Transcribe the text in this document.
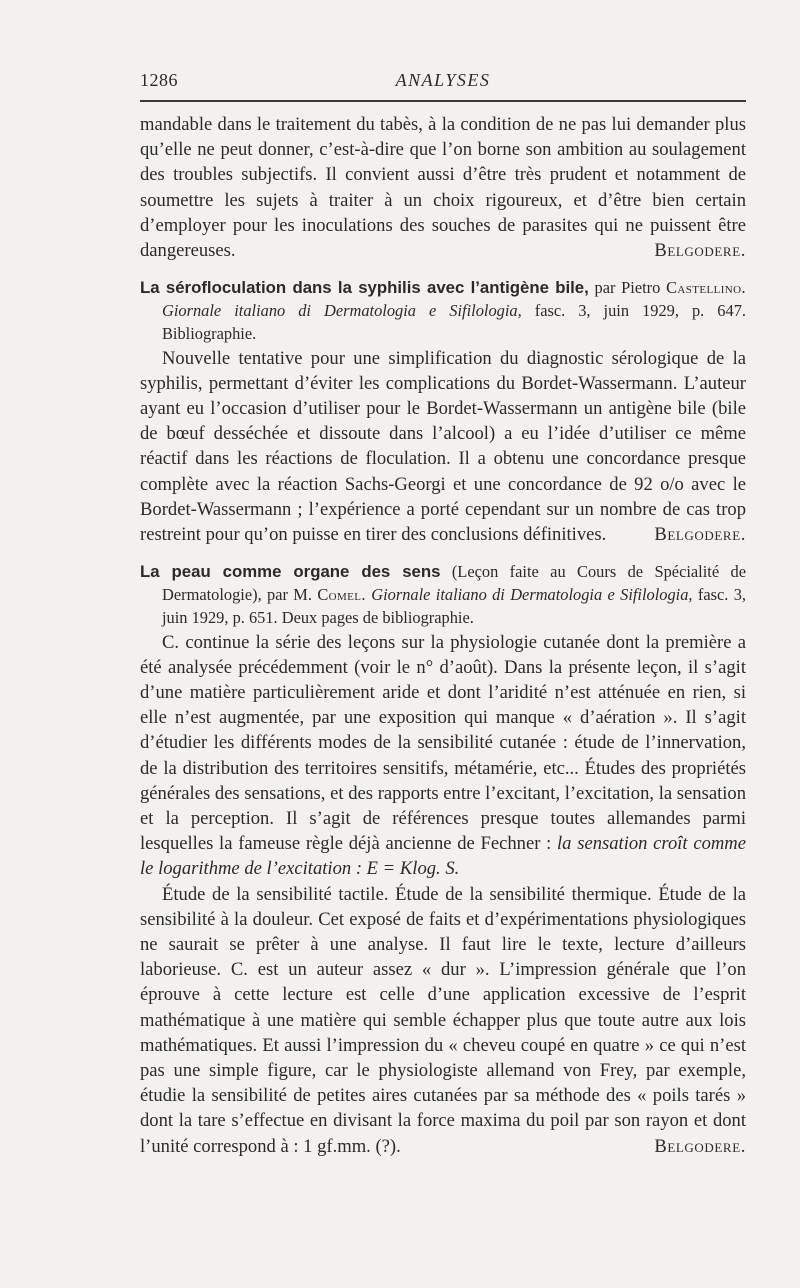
1286	ANALYSES

mandable dans le traitement du tabès, à la condition de ne pas lui demander plus qu’elle ne peut donner, c’est-à-dire que l’on borne son ambition au soulagement des troubles subjectifs. Il convient aussi d’être très prudent et notamment de soumettre les sujets à traiter à un choix rigoureux, et d’être bien certain d’employer pour les inoculations des souches de parasites qui ne puissent être dangereuses.	Belgodere.

La sérofloculation dans la syphilis avec l’antigène bile, par Pietro Castellino. Giornale italiano di Dermatologia e Sifilologia, fasc. 3, juin 1929, p. 647. Bibliographie.

Nouvelle tentative pour une simplification du diagnostic sérologique de la syphilis, permettant d’éviter les complications du Bordet-Wassermann. L’auteur ayant eu l’occasion d’utiliser pour le Bordet-Wassermann un antigène bile (bile de bœuf desséchée et dissoute dans l’alcool) a eu l’idée d’utiliser ce même réactif dans les réactions de floculation. Il a obtenu une concordance presque complète avec la réaction Sachs-Georgi et une concordance de 92 o/o avec le Bordet-Wassermann ; l’expérience a porté cependant sur un nombre de cas trop restreint pour qu’on puisse en tirer des conclusions définitives.	Belgodere.

La peau comme organe des sens (Leçon faite au Cours de Spécialité de Dermatologie), par M. Comel. Giornale italiano di Dermatologia e Sifilologia, fasc. 3, juin 1929, p. 651. Deux pages de bibliographie.

C. continue la série des leçons sur la physiologie cutanée dont la première a été analysée précédemment (voir le n° d’août). Dans la présente leçon, il s’agit d’une matière particulièrement aride et dont l’aridité n’est atténuée en rien, si elle n’est augmentée, par une exposition qui manque « d’aération ». Il s’agit d’étudier les différents modes de la sensibilité cutanée : étude de l’innervation, de la distribution des territoires sensitifs, métamérie, etc... Études des propriétés générales des sensations, et des rapports entre l’excitant, l’excitation, la sensation et la perception. Il s’agit de références presque toutes allemandes parmi lesquelles la fameuse règle déjà ancienne de Fechner : la sensation croît comme le logarithme de l’excitation : E = Klog. S.

Étude de la sensibilité tactile. Étude de la sensibilité thermique. Étude de la sensibilité à la douleur. Cet exposé de faits et d’expérimentations physiologiques ne saurait se prêter à une analyse. Il faut lire le texte, lecture d’ailleurs laborieuse. C. est un auteur assez « dur ». L’impression générale que l’on éprouve à cette lecture est celle d’une application excessive de l’esprit mathématique à une matière qui semble échapper plus que toute autre aux lois mathématiques. Et aussi l’impression du « cheveu coupé en quatre » ce qui n’est pas une simple figure, car le physiologiste allemand von Frey, par exemple, étudie la sensibilité de petites aires cutanées par sa méthode des « poils tarés » dont la tare s’effectue en divisant la force maxima du poil par son rayon et dont l’unité correspond à : 1 gf.mm. (?).	Belgodere.
